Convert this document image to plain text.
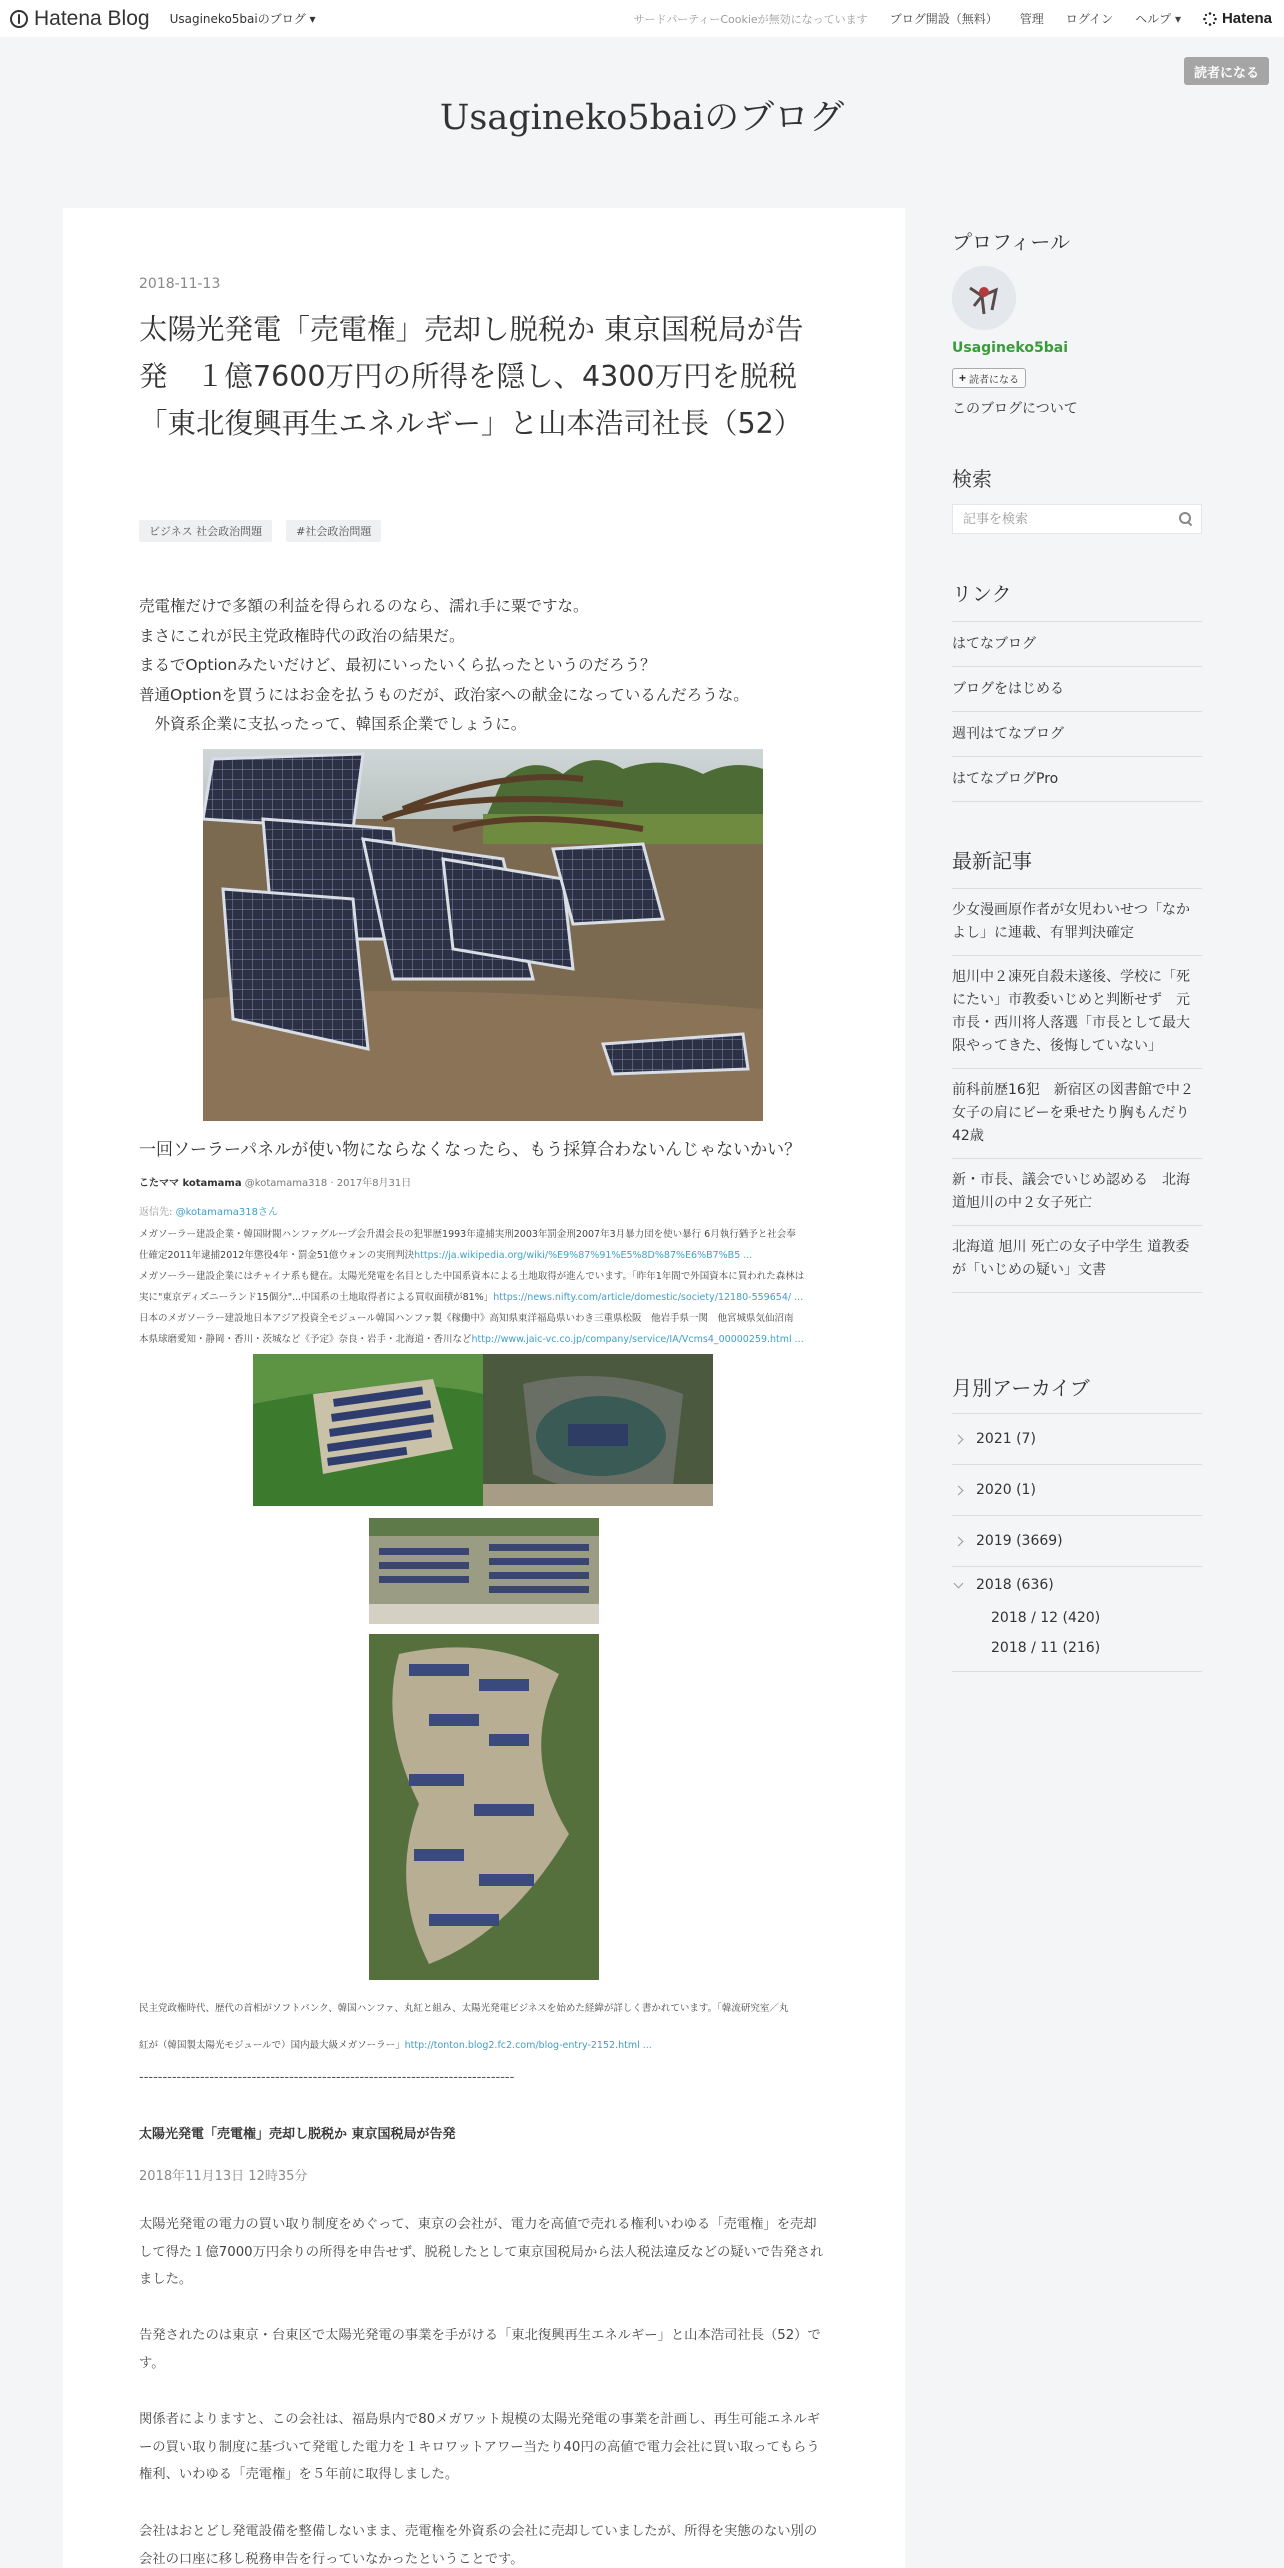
Hatena Blog Usagineko5baiのブログ ▾	サードパーティーCookieが無効になっています ブログ開設（無料） 管理 ログイン ヘルプ ▾	Hatena
読者になる
Usagineko5baiのブログ
2018-11-13
太陽光発電「売電権」売却し脱税か 東京国税局が告発　１億7600万円の所得を隠し、4300万円を脱税「東北復興再生エネルギー」と山本浩司社長（52）
ビジネス 社会政治問題	#社会政治問題

売電権だけで多額の利益を得られるのなら、濡れ手に粟ですな。

まさにこれが民主党政権時代の政治の結果だ。

まるでOptionみたいだけど、最初にいったいくら払ったというのだろう？

普通Optionを買うにはお金を払うものだが、政治家への献金になっているんだろうな。

　外資系企業に支払ったって、韓国系企業でしょうに。

一回ソーラーパネルが使い物にならなくなったら、もう採算合わないんじゃないかい？
こたママ kotamama @kotamama318 · 2017年8月31日
返信先: @kotamama318さん

メガソーラー建設企業・韓国財閥ハンファグループ会升淵会長の犯罪歴1993年違捕実刑2003年罰金刑2007年3月暴力団を使い暴行 6月執行猶予と社会奉

仕確定2011年逮捕2012年懲役4年・罰金51億ウォンの実刑判決https://ja.wikipedia.org/wiki/%E9%87%91%E5%8D%87%E6%B7%B5 ...

メガソーラー建設企業にはチャイナ系も健在。太陽光発電を名目とした中国系資本による土地取得が進んでいます。「昨年1年間で外国資本に買われた森林は

実に"東京ディズニーランド15個分"...中国系の土地取得者による買収面積が81%」https://news.nifty.com/article/domestic/society/12180-559654/ ...

日本のメガソーラー建設地日本アジア投資全モジュール韓国ハンファ製《稼働中》高知県東洋福島県いわき三重県松阪　他岩手県一関　他宮城県気仙沼南

本県球磨愛知・静岡・香川・茨城など《予定》奈良・岩手・北海道・香川などhttp://www.jaic-vc.co.jp/company/service/IA/Vcms4_00000259.html ...

民主党政権時代、歴代の首相がソフトバンク、韓国ハンファ、丸紅と組み、太陽光発電ビジネスを始めた経緯が詳しく書かれています。「韓流研究室／丸

紅が（韓国製太陽光モジュールで）国内最大級メガソーラー」http://tonton.blog2.fc2.com/blog-entry-2152.html ...

--------------------------------------------------------------------------------
太陽光発電「売電権」売却し脱税か 東京国税局が告発
2018年11月13日 12時35分

太陽光発電の電力の買い取り制度をめぐって、東京の会社が、電力を高値で売れる権利いわゆる「売電権」を売却して得た１億7000万円余りの所得を申告せず、脱税したとして東京国税局から法人税法違反などの疑いで告発されました。

告発されたのは東京・台東区で太陽光発電の事業を手がける「東北復興再生エネルギー」と山本浩司社長（52）です。

関係者によりますと、この会社は、福島県内で80メガワット規模の太陽光発電の事業を計画し、再生可能エネルギーの買い取り制度に基づいて発電した電力を１キロワットアワー当たり40円の高値で電力会社に買い取ってもらう権利、いわゆる「売電権」を５年前に取得しました。

会社はおとどし発電設備を整備しないまま、売電権を外資系の会社に売却していましたが、所得を実態のない別の会社の口座に移し税務申告を行っていなかったということです。

プロフィール
Usagineko5bai
+ 読者になる
このブログについて
検索
記事を検索
リンク
はてなブログ
ブログをはじめる
週刊はてなブログ
はてなブログPro
最新記事
少女漫画原作者が女児わいせつ「なかよし」に連載、有罪判決確定
旭川中２凍死自殺未遂後、学校に「死にたい」市教委いじめと判断せず　元市長・西川将人落選「市長として最大限やってきた、後悔していない」
前科前歴16犯　新宿区の図書館で中２女子の肩にビーを乗せたり胸もんだり42歳
新・市長、議会でいじめ認める　北海道旭川の中２女子死亡
北海道 旭川 死亡の女子中学生 道教委が「いじめの疑い」文書
月別アーカイブ
2021 (7)
2020 (1)
2019 (3669)
2018 (636)
2018 / 12 (420)
2018 / 11 (216)
